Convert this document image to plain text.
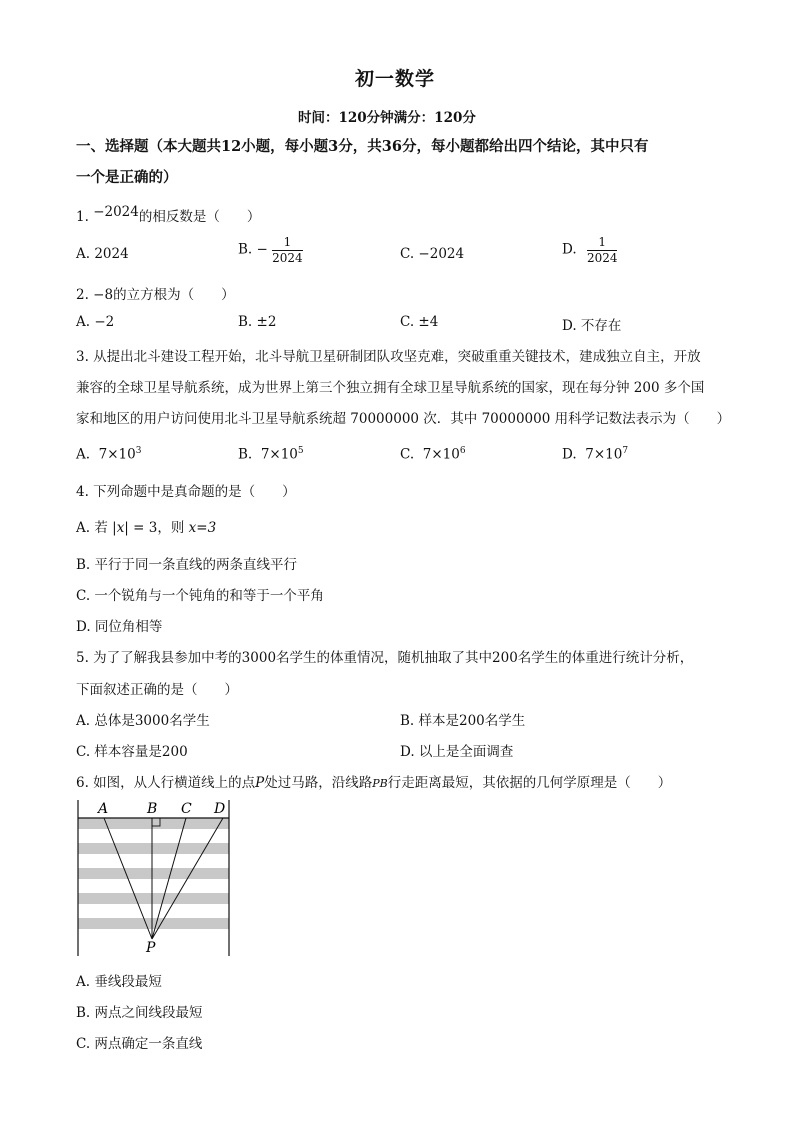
初一数学
时间：120分钟满分：120分
一、选择题（本大题共12小题，每小题3分，共36分，每小题都给出四个结论，其中只有
一个是正确的）
1. −2024的相反数是（　　）
A. 2024	B. − $\frac{1}{2024}$	C. −2024	D. $\frac{1}{2024}$
2. −8的立方根为（　　）
A. −2	B. ±2	C. ±4	D. 不存在
3. 从提出北斗建设工程开始，北斗导航卫星研制团队攻坚克难，突破重重关键技术，建成独立自主，开放
兼容的全球卫星导航系统，成为世界上第三个独立拥有全球卫星导航系统的国家，现在每分钟 200 多个国
家和地区的用户访问使用北斗卫星导航系统超 70000000 次．其中 70000000 用科学记数法表示为（　　）
A. $7\times 10^3$	B. $7\times 10^5$	C. $7\times 10^6$	D. $7\times 10^7$
4. 下列命题中是真命题的是（　　）
A. 若 |x| = 3，则 x=3
B. 平行于同一条直线的两条直线平行
C. 一个锐角与一个钝角的和等于一个平角
D. 同位角相等
5. 为了了解我县参加中考的3000名学生的体重情况，随机抽取了其中200名学生的体重进行统计分析，
下面叙述正确的是（　　）
A. 总体是3000名学生	B. 样本是200名学生
C. 样本容量是200	D. 以上是全面调查
6. 如图，从人行横道线上的点P处过马路，沿线路PB行走距离最短，其依据的几何学原理是（　　）
A	B C D
P
A. 垂线段最短
B. 两点之间线段最短
C. 两点确定一条直线
